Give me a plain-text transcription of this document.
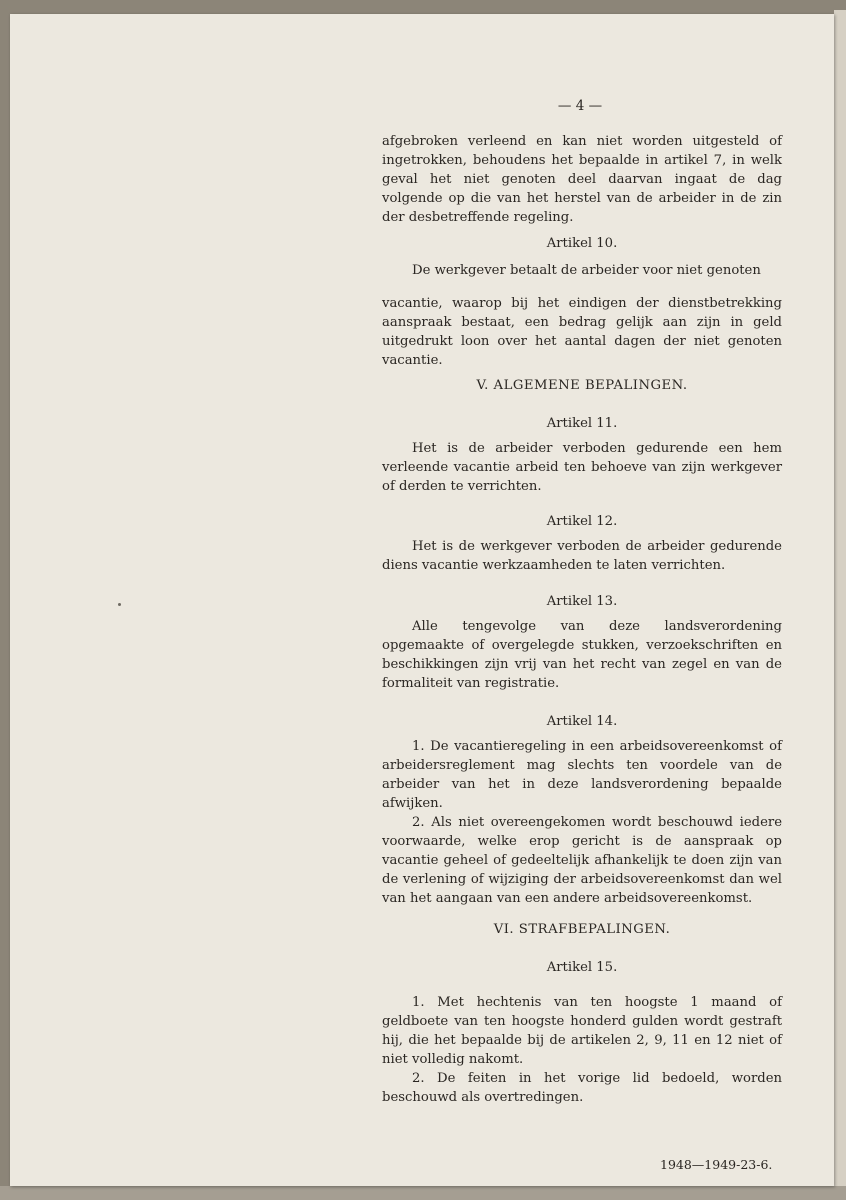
— 4 —

afgebroken verleend en kan niet worden uitgesteld of ingetrokken, behoudens het bepaalde in artikel 7, in welk geval het niet genoten deel daarvan ingaat de dag volgende op die van het herstel van de arbeider in de zin der desbetreffende regeling.

Artikel 10.

De werkgever betaalt de arbeider voor niet genoten

vacantie, waarop bij het eindigen der dienstbetrekking aanspraak bestaat, een bedrag gelijk aan zijn in geld uitgedrukt loon over het aantal dagen der niet genoten vacantie.

V. ALGEMENE BEPALINGEN.

Artikel 11.

Het is de arbeider verboden gedurende een hem verleende vacantie arbeid ten behoeve van zijn werkgever of derden te verrichten.

Artikel 12.

Het is de werkgever verboden de arbeider gedurende diens vacantie werkzaamheden te laten verrichten.

Artikel 13.

Alle tengevolge van deze landsverordening opgemaakte of overgelegde stukken, verzoekschriften en beschikkingen zijn vrij van het recht van zegel en van de formaliteit van registratie.

Artikel 14.

1. De vacantieregeling in een arbeidsovereenkomst of arbeidersreglement mag slechts ten voordele van de arbeider van het in deze landsverordening bepaalde afwijken.

2. Als niet overeengekomen wordt beschouwd iedere voorwaarde, welke erop gericht is de aanspraak op vacantie geheel of gedeeltelijk afhankelijk te doen zijn van de verlening of wijziging der arbeidsovereenkomst dan wel van het aangaan van een andere arbeidsovereenkomst.

VI. STRAFBEPALINGEN.

Artikel 15.

1. Met hechtenis van ten hoogste 1 maand of geldboete van ten hoogste honderd gulden wordt gestraft hij, die het bepaalde bij de artikelen 2, 9, 11 en 12 niet of niet volledig nakomt.

2. De feiten in het vorige lid bedoeld, worden beschouwd als overtredingen.

1948—1949-23-6.
